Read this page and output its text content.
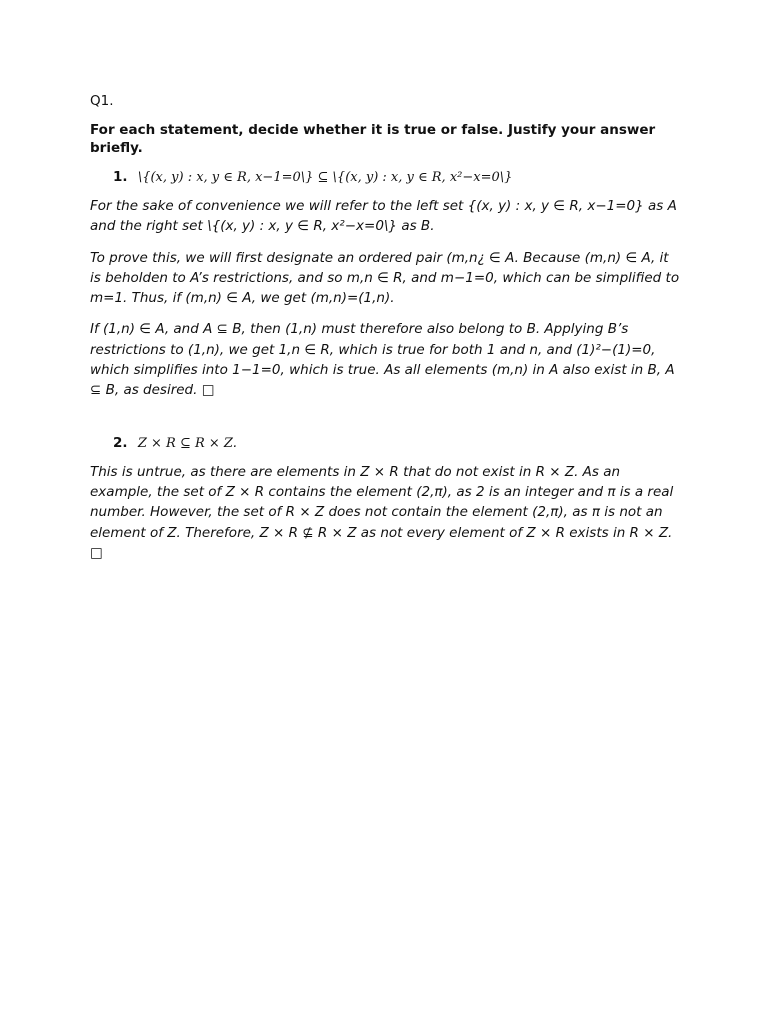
Q1.
For each statement, decide whether it is true or false. Justify your answer briefly.
1. \{(x, y) : x, y ∈ R, x−1=0\} ⊆ \{(x, y) : x, y ∈ R, x²−x=0\}

For the sake of convenience we will refer to the left set {(x, y) : x, y ∈ R, x−1=0} as A and the right set \{(x, y) : x, y ∈ R, x²−x=0\} as B.

To prove this, we will first designate an ordered pair (m,n¿ ∈ A. Because (m,n) ∈ A, it is beholden to A’s restrictions, and so m,n ∈ R, and m−1=0, which can be simplified to m=1. Thus, if (m,n) ∈ A, we get (m,n)=(1,n).

If (1,n) ∈ A, and A ⊆ B, then (1,n) must therefore also belong to B. Applying B’s restrictions to (1,n), we get 1,n ∈ R, which is true for both 1 and n, and (1)²−(1)=0, which simplifies into 1−1=0, which is true. As all elements (m,n) in A also exist in B, A ⊆ B, as desired. □

2. Z × R ⊆ R × Z.

This is untrue, as there are elements in Z × R that do not exist in R × Z. As an example, the set of Z × R contains the element (2,π), as 2 is an integer and π is a real number. However, the set of R × Z does not contain the element (2,π), as π is not an element of Z. Therefore, Z × R ⊈ R × Z as not every element of Z × R exists in R × Z. □
